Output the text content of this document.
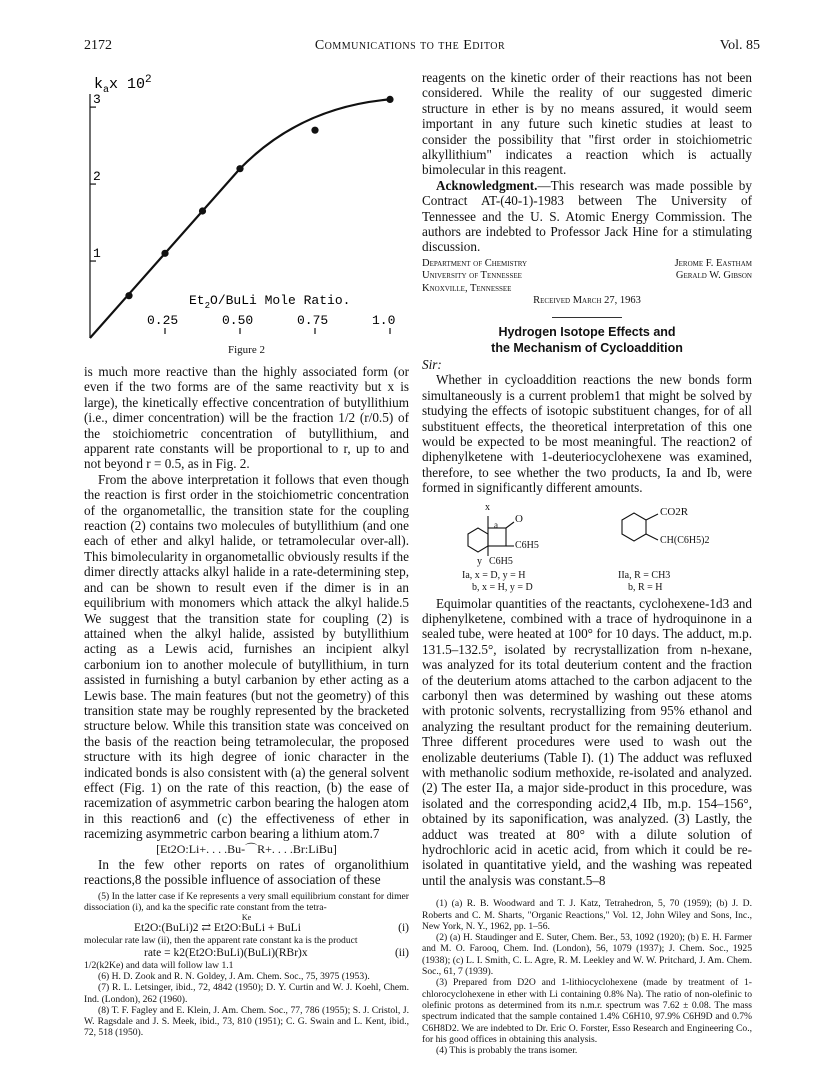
2172	Communications to the Editor	Vol. 85
0.25	0.50	0.75	1.0
1
2
3
$k_ax$ $10^2$
$Et_2O$/BuLi Mole Ratio.
Figure 2

is much more reactive than the highly associated form (or even if the two forms are of the same reactivity but x is large), the kinetically effective concentration of butyllithium (i.e., dimer concentration) will be the fraction 1/2 (r/0.5) of the stoichiometric concentration of butyllithium, and apparent rate constants will be proportional to r, up to and not beyond r = 0.5, as in Fig. 2.

From the above interpretation it follows that even though the reaction is first order in the stoichiometric concentration of the organometallic, the transition state for the coupling reaction (2) contains two molecules of butyllithium (and one each of ether and alkyl halide, or tetramolecular over-all). This bimolecularity in organometallic obviously results if the dimer directly attacks alkyl halide in a rate-determining step, and can be shown to result even if the dimer is in an equilibrium with monomers which attack the alkyl halide.5 We suggest that the transition state for coupling (2) is attained when the alkyl halide, assisted by butyllithium acting as a Lewis acid, furnishes an incipient alkyl carbonium ion to another molecule of butyllithium, in turn assisted in furnishing a butyl carbanion by ether acting as a Lewis base. The main features (but not the geometry) of this transition state may be roughly represented by the bracketed structure below. While this transition state was conceived on the basis of the reaction being tetramolecular, the proposed structure with its high degree of ionic character in the indicated bonds is also consistent with (a) the general solvent effect (Fig. 1) on the rate of this reaction, (b) the ease of racemization of asymmetric carbon bearing the halogen atom in this reaction6 and (c) the effectiveness of ether in racemizing asymmetric carbon bearing a lithium atom.7

[Et2O:Li+. . . .Bu-⌒R+. . . .Br:LiBu]

In the few other reports on rates of organolithium reactions,8 the possible influence of association of these

(5) In the latter case if Ke represents a very small equilibrium constant for dimer dissociation (i), and ka the specific rate constant from the tetra-

Ke
Et2O:(BuLi)2 ⇄ Et2O:BuLi + BuLi	(i)

molecular rate law (ii), then the apparent rate constant ka is the product

rate = k2(Et2O:BuLi)(BuLi)(RBr)x	(ii)

1/2(k2Ke) and data will follow law 1.1

(6) H. D. Zook and R. N. Goldey, J. Am. Chem. Soc., 75, 3975 (1953).

(7) R. L. Letsinger, ibid., 72, 4842 (1950); D. Y. Curtin and W. J. Koehl, Chem. Ind. (London), 262 (1960).

(8) T. F. Fagley and E. Klein, J. Am. Chem. Soc., 77, 786 (1955); S. J. Cristol, J. W. Ragsdale and J. S. Meek, ibid., 73, 810 (1951); C. G. Swain and L. Kent, ibid., 72, 518 (1950).

reagents on the kinetic order of their reactions has not been considered. While the reality of our suggested dimeric structure in ether is by no means assured, it would seem important in any future such kinetic studies at least to consider the possibility that "first order in stoichiometric alkyllithium" indicates a reaction which is actually bimolecular in this reagent.

Acknowledgment.—This research was made possible by Contract AT-(40-1)-1983 between The University of Tennessee and the U. S. Atomic Energy Commission. The authors are indebted to Professor Jack Hine for a stimulating discussion.

Department of Chemistry	Jerome F. Eastham
University of Tennessee	Gerald W. Gibson
Knoxville, Tennessee
Received March 27, 1963
Hydrogen Isotope Effects and
the Mechanism of Cycloaddition

Sir:

Whether in cycloaddition reactions the new bonds form simultaneously is a current problem1 that might be solved by studying the effects of isotopic substituent changes, for of all substituent effects, the theoretical interpretation of this one would be expected to be most meaningful. The reaction2 of diphenylketene with 1-deuteriocyclohexene was examined, therefore, to see whether the two products, Ia and Ib, were formed in significantly different amounts.

x
a O
C6H5
y C6H5
CO2R
CH(C6H5)2
Ia, x = D, y = H
b, x = H, y = D
IIa, R = CH3
b, R = H

Equimolar quantities of the reactants, cyclohexene-1d3 and diphenylketene, combined with a trace of hydroquinone in a sealed tube, were heated at 100° for 10 days. The adduct, m.p. 131.5–132.5°, isolated by recrystallization from n-hexane, was analyzed for its total deuterium content and the fraction of the deuterium atoms attached to the carbon adjacent to the carbonyl then was determined by washing out these atoms with protonic solvents, recrystallizing from 95% ethanol and analyzing the resultant product for the remaining deuterium. Three different procedures were used to wash out the enolizable deuteriums (Table I). (1) The adduct was refluxed with methanolic sodium methoxide, re-isolated and analyzed. (2) The ester IIa, a major side-product in this procedure, was isolated and the corresponding acid2,4 IIb, m.p. 154–156°, obtained by its saponification, was analyzed. (3) Lastly, the adduct was treated at 80° with a dilute solution of hydrochloric acid in acetic acid, from which it could be re-isolated in quantitative yield, and the washing was repeated until the analysis was constant.5–8

(1) (a) R. B. Woodward and T. J. Katz, Tetrahedron, 5, 70 (1959); (b) J. D. Roberts and C. M. Sharts, "Organic Reactions," Vol. 12, John Wiley and Sons, Inc., New York, N. Y., 1962, pp. 1–56.

(2) (a) H. Staudinger and E. Suter, Chem. Ber., 53, 1092 (1920); (b) E. H. Farmer and M. O. Farooq, Chem. Ind. (London), 56, 1079 (1937); J. Chem. Soc., 1925 (1938); (c) L. I. Smith, C. L. Agre, R. M. Leekley and W. W. Pritchard, J. Am. Chem. Soc., 61, 7 (1939).

(3) Prepared from D2O and 1-lithiocyclohexene (made by treatment of 1-chlorocyclohexene in ether with Li containing 0.8% Na). The ratio of non-olefinic to olefinic protons as determined from its n.m.r. spectrum was 7.62 ± 0.08. The mass spectrum indicated that the sample contained 1.4% C6H10, 97.9% C6H9D and 0.7% C6H8D2. We are indebted to Dr. Eric O. Forster, Esso Research and Engineering Co., for his good offices in obtaining this analysis.

(4) This is probably the trans isomer.
